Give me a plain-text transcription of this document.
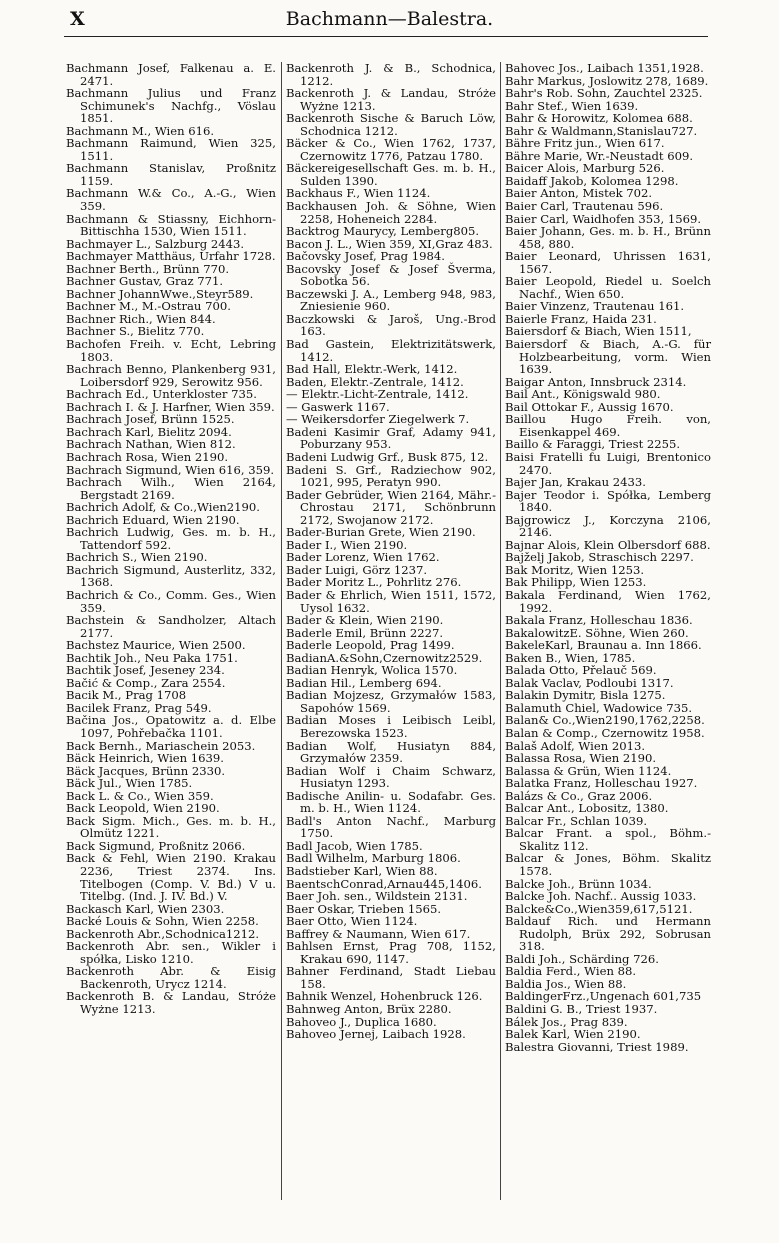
X	Bachmann—Balestra.

Bachmann Josef, Falkenau a. E. 2471.

Bachmann Julius und Franz Schimunek's Nachfg., Vöslau 1851.

Bachmann M., Wien 616.

Bachmann Raimund, Wien 325, 1511.

Bachmann Stanislav, Proßnitz 1159.

Bachmann W.& Co., A.-G., Wien 359.

Bachmann & Stiassny, Eichhorn-Bittischha 1530, Wien 1511.

Bachmayer L., Salzburg 2443.

Bachmayer Matthäus, Urfahr 1728.

Bachner Berth., Brünn 770.

Bachner Gustav, Graz 771.

Bachner JohannWwe.,Steyr589.

Bachner M., M.-Ostrau 700.

Bachner Rich., Wien 844.

Bachner S., Bielitz 770.

Bachofen Freih. v. Echt, Lebring 1803.

Bachrach Benno, Plankenberg 931, Loibersdorf 929, Serowitz 956.

Bachrach Ed., Unterkloster 735.

Bachrach I. & J. Harfner, Wien 359.

Bachrach Josef, Brünn 1525.

Bachrach Karl, Bielitz 2094.

Bachrach Nathan, Wien 812.

Bachrach Rosa, Wien 2190.

Bachrach Sigmund, Wien 616, 359.

Bachrach Wilh., Wien 2164, Bergstadt 2169.

Bachrich Adolf, & Co.,Wien2190.

Bachrich Eduard, Wien 2190.

Bachrich Ludwig, Ges. m. b. H., Tattendorf 592.

Bachrich S., Wien 2190.

Bachrich Sigmund, Austerlitz, 332, 1368.

Bachrich & Co., Comm. Ges., Wien 359.

Bachstein & Sandholzer, Altach 2177.

Bachstez Maurice, Wien 2500.

Bachtik Joh., Neu Paka 1751.

Bachtik Josef, Jeseney 234.

Bačić & Comp., Zara 2554.

Bacik M., Prag 1708

Bacilek Franz, Prag 549.

Bačina Jos., Opatowitz a. d. Elbe 1097, Pohřebačka 1101.

Back Bernh., Mariaschein 2053.

Bäck Heinrich, Wien 1639.

Bäck Jacques, Brünn 2330.

Bäck Jul., Wien 1785.

Back L. & Co., Wien 359.

Back Leopold, Wien 2190.

Back Sigm. Mich., Ges. m. b. H., Olmütz 1221.

Back Sigmund, Proßnitz 2066.

Back & Fehl, Wien 2190. Krakau 2236, Triest 2374. Ins. Titelbogen (Comp. V. Bd.) V u. Titelbg. (Ind. J. IV. Bd.) V.

Backasch Karl, Wien 2303.

Backé Louis & Sohn, Wien 2258.

Backenroth Abr.,Schodnica1212.

Backenroth Abr. sen., Wikler i spółka, Lisko 1210.

Backenroth Abr. & Eisig Backenroth, Urycz 1214.

Backenroth B. & Landau, Stróże Wyżne 1213.

Backenroth J. & B., Schodnica, 1212.

Backenroth J. & Landau, Stróże Wyżne 1213.

Backenroth Sische & Baruch Löw, Schodnica 1212.

Bäcker & Co., Wien 1762, 1737, Czernowitz 1776, Patzau 1780.

Bäckereigesellschaft Ges. m. b. H., Sulden 1390.

Backhaus F., Wien 1124.

Backhausen Joh. & Söhne, Wien 2258, Hoheneich 2284.

Backtrog Maurycy, Lemberg805.

Bacon J. L., Wien 359, XI,Graz 483.

Bačovsky Josef, Prag 1984.

Bacovsky Josef & Josef Šverma, Sobotka 56.

Baczewski J. A., Lemberg 948, 983, Zniesienie 960.

Baczkowski & Jaroš, Ung.-Brod 163.

Bad Gastein, Elektrizitätswerk, 1412.

Bad Hall, Elektr.-Werk, 1412.

Baden, Elektr.-Zentrale, 1412.

— Elektr.-Licht-Zentrale, 1412.

— Gaswerk 1167.

— Weikersdorfer Ziegelwerk 7.

Badeni Kasimir Graf, Adamy 941, Poburzany 953.

Badeni Ludwig Grf., Busk 875, 12.

Badeni S. Grf., Radziechow 902, 1021, 995, Peratyn 990.

Bader Gebrüder, Wien 2164, Mähr.-Chrostau 2171, Schönbrunn 2172, Swojanow 2172.

Bader-Burian Grete, Wien 2190.

Bader I., Wien 2190.

Bader Lorenz, Wien 1762.

Bader Luigi, Görz 1237.

Bader Moritz L., Pohrlitz 276.

Bader & Ehrlich, Wien 1511, 1572, Uysol 1632.

Bader & Klein, Wien 2190.

Baderle Emil, Brünn 2227.

Baderle Leopold, Prag 1499.

BadianA.&Sohn,Czernowitz2529.

Badian Henryk, Wolica 1570.

Badian Hil., Lemberg 694.

Badian Mojzesz, Grzymałów 1583, Sapohów 1569.

Badian Moses i Leibisch Leibl, Berezowska 1523.

Badian Wolf, Husiatyn 884, Grzymałów 2359.

Badian Wolf i Chaim Schwarz, Husiatyn 1293.

Badische Anilin- u. Sodafabr. Ges. m. b. H., Wien 1124.

Badl's Anton Nachf., Marburg 1750.

Badl Jacob, Wien 1785.

Badl Wilhelm, Marburg 1806.

Badstieber Karl, Wien 88.

BaentschConrad,Arnau445,1406.

Baer Joh. sen., Wildstein 2131.

Baer Oskar, Trieben 1565.

Baer Otto, Wien 1124.

Baffrey & Naumann, Wien 617.

Bahlsen Ernst, Prag 708, 1152, Krakau 690, 1147.

Bahner Ferdinand, Stadt Liebau 158.

Bahnik Wenzel, Hohenbruck 126.

Bahnweg Anton, Brüx 2280.

Bahoveo J., Duplica 1680.

Bahoveo Jernej, Laibach 1928.

Bahovec Jos., Laibach 1351,1928.

Bahr Markus, Joslowitz 278, 1689.

Bahr's Rob. Sohn, Zauchtel 2325.

Bahr Stef., Wien 1639.

Bahr & Horowitz, Kolomea 688.

Bahr & Waldmann,Stanislau727.

Bähre Fritz jun., Wien 617.

Bähre Marie, Wr.-Neustadt 609.

Baicer Alois, Marburg 526.

Baidaff Jakob, Kolomea 1298.

Baier Anton, Mistek 702.

Baier Carl, Trautenau 596.

Baier Carl, Waidhofen 353, 1569.

Baier Johann, Ges. m. b. H., Brünn 458, 880.

Baier Leonard, Uhrissen 1631, 1567.

Baier Leopold, Riedel u. Soelch Nachf., Wien 650.

Baier Vinzenz, Trautenau 161.

Baierle Franz, Haida 231.

Baiersdorf & Biach, Wien 1511,

Baiersdorf & Biach, A.-G. für Holzbearbeitung, vorm. Wien 1639.

Baigar Anton, Innsbruck 2314.

Bail Ant., Königswald 980.

Bail Ottokar F., Aussig 1670.

Baillou Hugo Freih. von, Eisenkappel 469.

Baillo & Faraggi, Triest 2255.

Baisi Fratelli fu Luigi, Brentonico 2470.

Bajer Jan, Krakau 2433.

Bajer Teodor i. Spółka, Lemberg 1840.

Bajgrowicz J., Korczyna 2106, 2146.

Bajnar Alois, Klein Olbersdorf 688.

Bajželj Jakob, Straschisch 2297.

Bak Moritz, Wien 1253.

Bak Philipp, Wien 1253.

Bakala Ferdinand, Wien 1762, 1992.

Bakala Franz, Holleschau 1836.

BakalowitzE. Söhne, Wien 260.

BakeleKarl, Braunau a. Inn 1866.

Baken B., Wien, 1785.

Balada Otto, Přelauč 569.

Balak Vaclav, Podloubi 1317.

Balakin Dymitr, Bisla 1275.

Balamuth Chiel, Wadowice 735.

Balan& Co.,Wien2190,1762,2258.

Balan & Comp., Czernowitz 1958.

Balaš Adolf, Wien 2013.

Balassa Rosa, Wien 2190.

Balassa & Grün, Wien 1124.

Balatka Franz, Holleschau 1927.

Balázs & Co., Graz 2006.

Balcar Ant., Lobositz, 1380.

Balcar Fr., Schlan 1039.

Balcar Frant. a spol., Böhm.-Skalitz 112.

Balcar & Jones, Böhm. Skalitz 1578.

Balcke Joh., Brünn 1034.

Balcke Joh. Nachf.. Aussig 1033.

Balcke&Co.,Wien359,617,5121.

Baldauf Rich. und Hermann Rudolph, Brüx 292, Sobrusan 318.

Baldi Joh., Schärding 726.

Baldia Ferd., Wien 88.

Baldia Jos., Wien 88.

BaldingerFrz.,Ungenach 601,735

Baldini G. B., Triest 1937.

Bálek Jos., Prag 839.

Balek Karl, Wien 2190.

Balestra Giovanni, Triest 1989.
